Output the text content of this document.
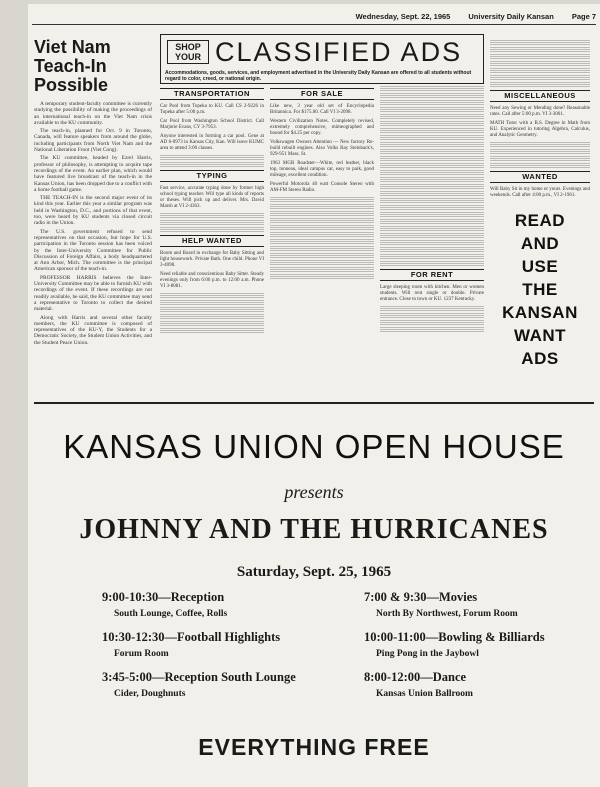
Wednesday, Sept. 22, 1965 University Daily Kansan Page 7
Viet Nam Teach-In Possible

A temporary student-faculty committee is currently studying the possibility of making the proceedings of an international teach-in on the Viet Nam crisis available to the KU community.

The teach-in, planned for Oct. 9 in Toronto, Canada, will feature speakers from around the globe, including participants from North Viet Nam and the National Liberation Front (Viet Cong).

The KU committee, headed by Ezrel Harris, professor of philosophy, is attempting to acquire tape recordings of the event. An earlier plan, which would have featured live broadcast of the teach-in in the Kansas Union, has been dropped due to a conflict with a home football game.

THE TEACH-IN is the second major event of its kind this year. Earlier this year a similar program was held in Washington, D.C., and portions of that event, too, were heard by KU students via closed circuit radio in the Union.

The U.S. government refused to send representatives on that occasion, but hope for U.S. participation in the Toronto session has been voiced by the Inter-University Committee for Public Discussion of Foreign Affairs, a body headquartered at Ann Arbor, Mich. The committee is the principal American sponsor of the teach-in.

PROFESSOR HARRIS believes the Inter-University Committee may be able to furnish KU with recordings of the event. If these recordings are not readily available, he said, the KU committee may send a representative to Toronto to collect the desired material.

Along with Harris and several other faculty members, the KU committee is composed of representatives of the KU-Y, the Students for a Democratic Society, the Student Union Activities, and the Student Peace Union.

SHOP YOUR CLASSIFIED ADS
Accommodations, goods, services, and employment advertised in the University Daily Kansan are offered to all students without regard to color, creed, or national origin.
TRANSPORTATION
Car Pool from Topeka to KU. Call CS 2-9226 in Topeka after 5:00 p.m.
Car Pool from Washington School District. Call Marjorie Evans, CY 3-7953.
Anyone interested in forming a car pool. Gene at AD 6-0973 in Kansas City, Kan. Will leave KUMC area to attend 3:00 classes.
TYPING
Fast service, accurate typing done by former high school typing teacher. Will type all kinds of reports or theses. Will pick up and deliver. Mrs. David Marsh at VI 2-4363.
HELP WANTED
Room and Board in exchange for Baby Sitting and light housework. Private Bath. One child. Phone VI 3-4098.
Need reliable and conscientious Baby Sitter. Steady evenings only from 6:00 p.m. to 12:00 a.m. Phone VI 3-8081.
FOR SALE
Like new, 3 year old set of Encyclopedia Britannica. For $175.00. Call VI 3-2098.
Western Civilization Notes. Completely revised, extremely comprehensive, mimeographed and bound for $4.25 per copy.
Volkswagen Owners Attention — New factory Re-build rebuilt engines. Also Volks Bay Steinback's, 929-951 Mass. St.
1963 MGB Roadster—White, red leather, black top, tonneau, ideal campus car, easy to park, good mileage, excellent condition.
Powerful Motorola 40 watt Console Stereo with AM-FM Stereo Radio.
FOR RENT
Large sleeping room with kitchen. Men or women students. Will rent single or double. Private entrance. Close to town or KU. 1237 Kentucky.
MISCELLANEOUS
Need any Sewing or Mending done? Reasonable rates. Call after 5:00 p.m. VI 3-3061.
MATH Tutor with a B.S. Degree in Math from KU. Experienced in tutoring Algebra, Calculus, and Analytic Geometry.
WANTED
Will Baby Sit in my home or yours. Evenings and weekends. Call after 4:00 p.m., VI 2-1961.
READ
AND
USE
THE
KANSAN
WANT
ADS
KANSAS UNION OPEN HOUSE
presents
JOHNNY AND THE HURRICANES
Saturday, Sept. 25, 1965
9:00-10:30—Reception
South Lounge, Coffee, Rolls
10:30-12:30—Football Highlights
Forum Room
3:45-5:00—Reception South Lounge
Cider, Doughnuts
7:00 & 9:30—Movies
North By Northwest, Forum Room
10:00-11:00—Bowling & Billiards
Ping Pong in the Jaybowl
8:00-12:00—Dance
Kansas Union Ballroom
EVERYTHING FREE
